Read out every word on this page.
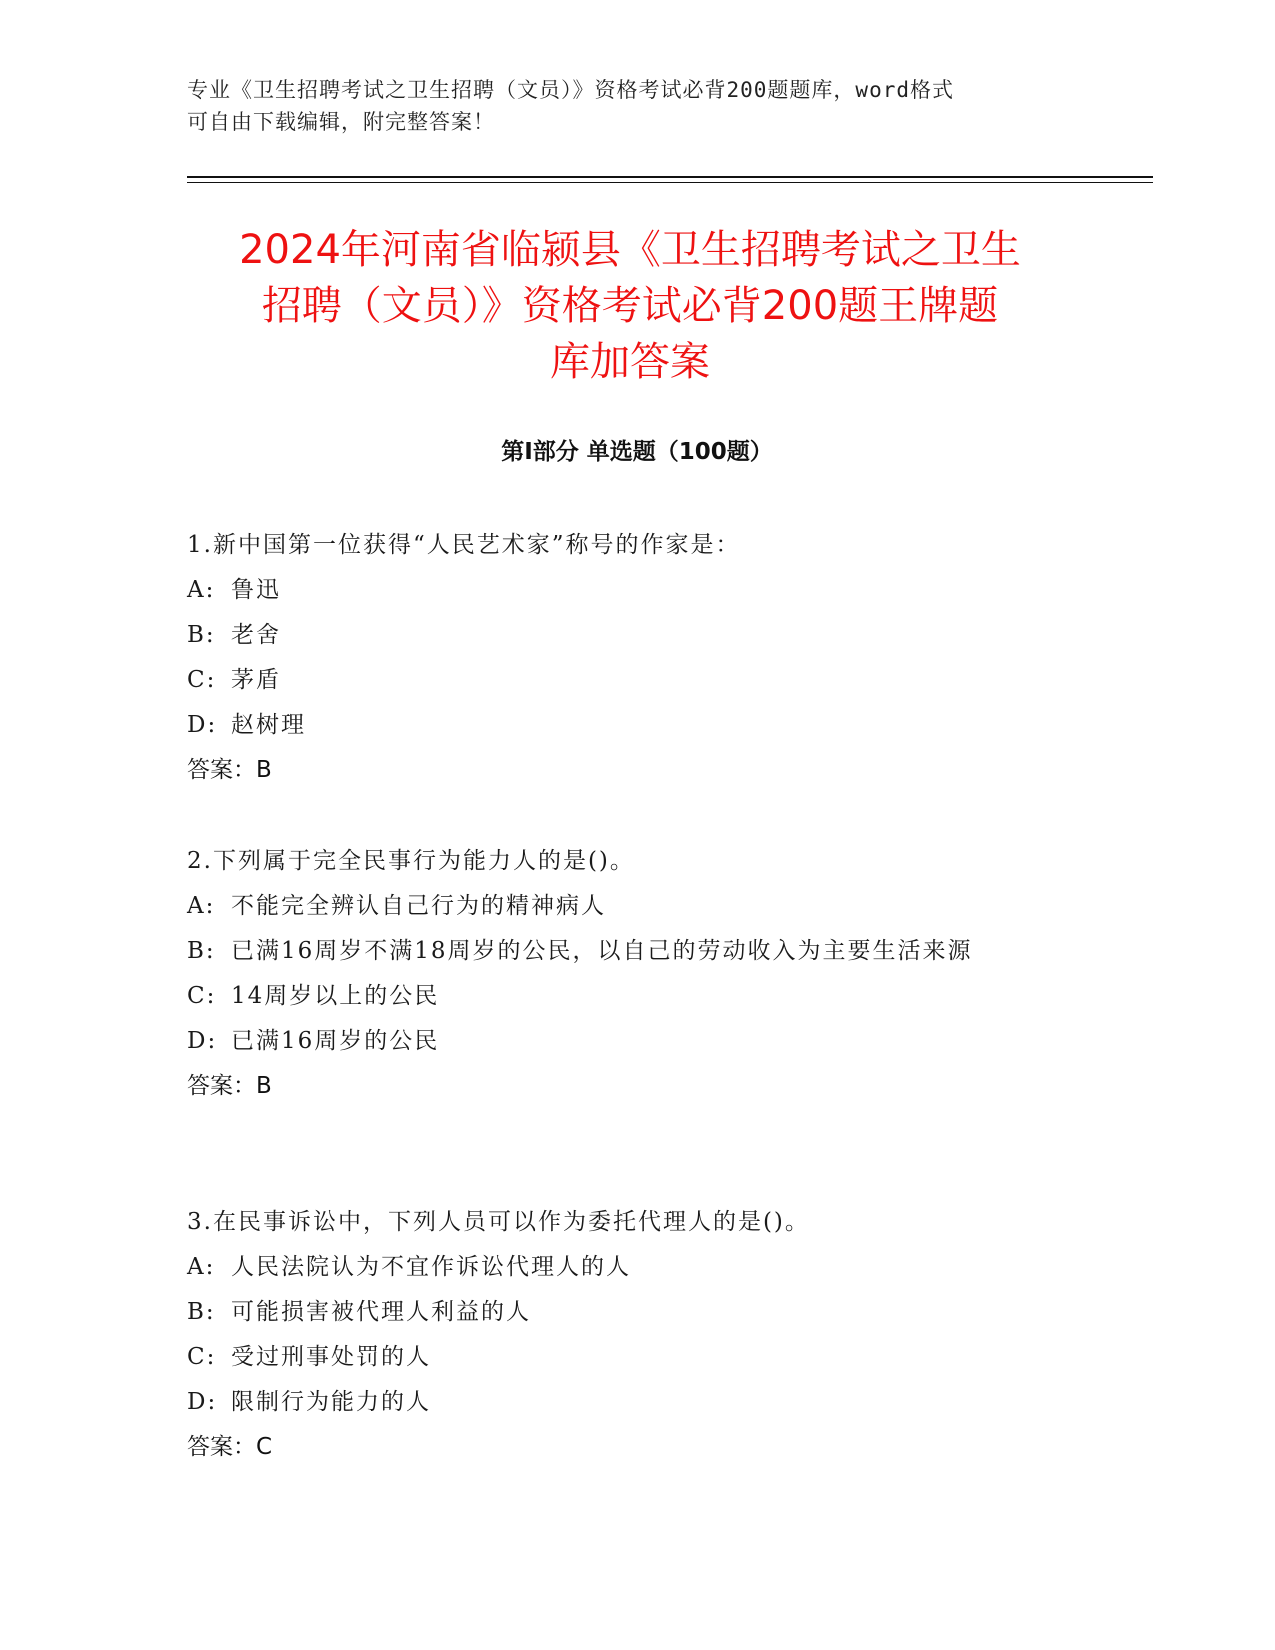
专业《卫生招聘考试之卫生招聘（文员）》资格考试必背200题题库，word格式
可自由下载编辑，附完整答案！
2024年河南省临颍县《卫生招聘考试之卫生
招聘（文员）》资格考试必背200题王牌题
库加答案
第Ⅰ部分 单选题（100题）
1.新中国第一位获得“人民艺术家”称号的作家是：
A: 鲁迅
B: 老舍
C: 茅盾
D: 赵树理
答案：B
2.下列属于完全民事行为能力人的是()。
A: 不能完全辨认自己行为的精神病人
B: 已满16周岁不满18周岁的公民，以自己的劳动收入为主要生活来源
C: 14周岁以上的公民
D: 已满16周岁的公民
答案：B
3.在民事诉讼中，下列人员可以作为委托代理人的是()。
A: 人民法院认为不宜作诉讼代理人的人
B: 可能损害被代理人利益的人
C: 受过刑事处罚的人
D: 限制行为能力的人
答案：C
